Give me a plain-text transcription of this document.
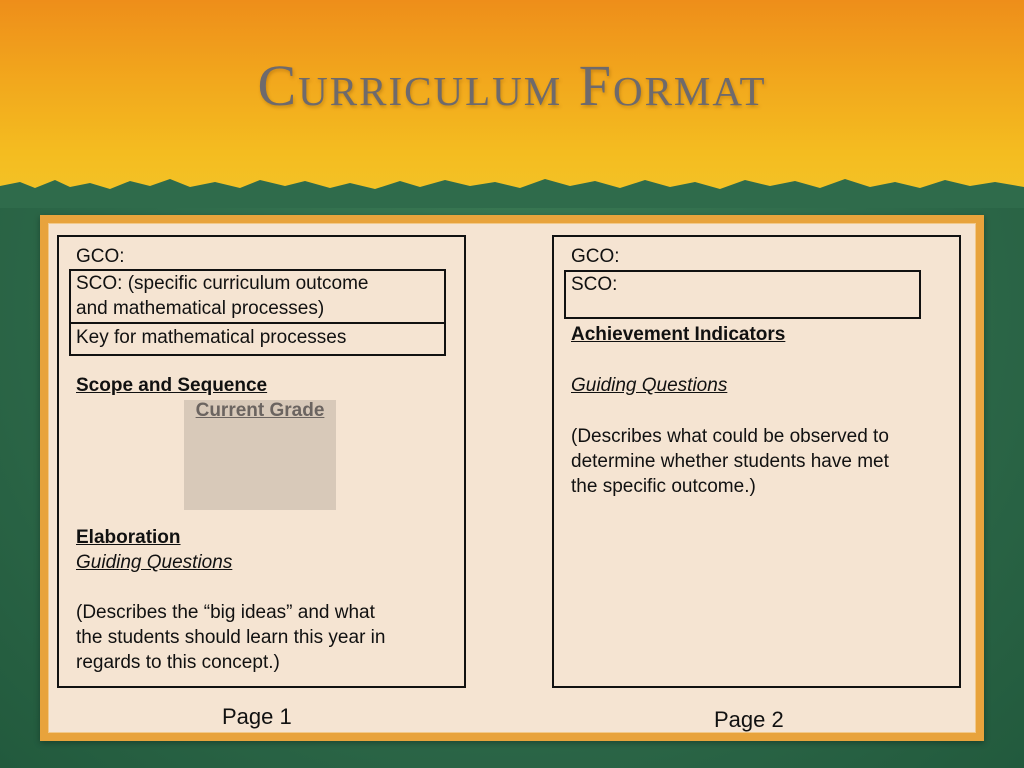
Curriculum Format
GCO:
SCO: (specific curriculum outcome
and mathematical processes)
Key for mathematical processes
Scope and Sequence
Current Grade
Elaboration
Guiding Questions
(Describes the “big ideas” and what
the students should learn this year in
regards to this concept.)
Page 1
GCO:
SCO:
Achievement Indicators
Guiding Questions
(Describes what could be observed to
determine whether students have met
the specific outcome.)
Page 2
